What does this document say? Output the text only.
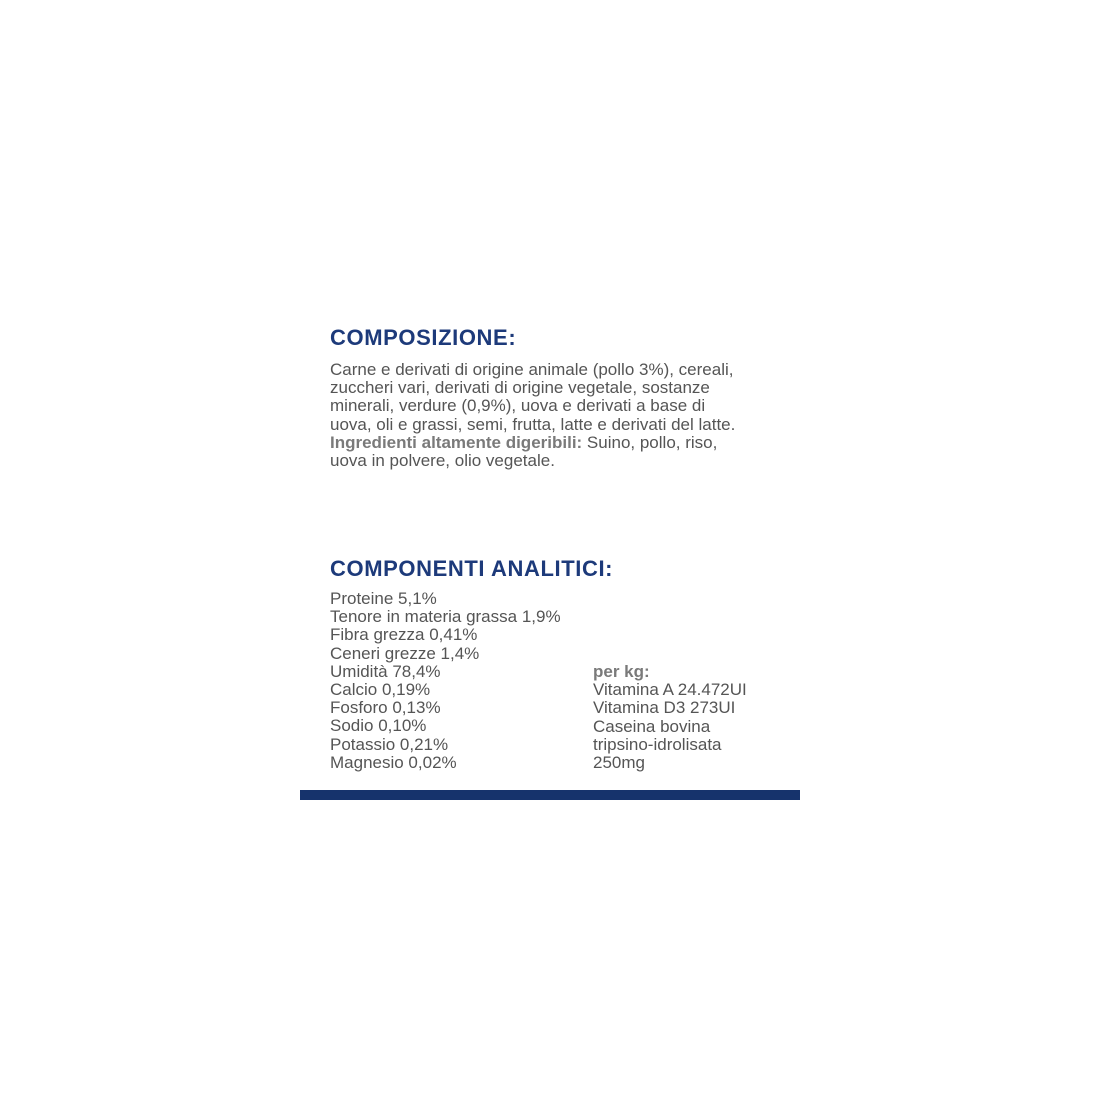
COMPOSIZIONE:
Carne e derivati di origine animale (pollo 3%), cereali,
zuccheri vari, derivati di origine vegetale, sostanze
minerali, verdure (0,9%), uova e derivati a base di
uova, oli e grassi, semi, frutta, latte e derivati del latte.
Ingredienti altamente digeribili: Suino, pollo, riso,
uova in polvere, olio vegetale.
COMPONENTI ANALITICI:
Proteine 5,1%
Tenore in materia grassa 1,9%
Fibra grezza 0,41%
Ceneri grezze 1,4%
Umidità 78,4%
Calcio 0,19%
Fosforo 0,13%
Sodio 0,10%
Potassio 0,21%
Magnesio 0,02%
per kg:
Vitamina A 24.472UI
Vitamina D3 273UI
Caseina bovina
tripsino-idrolisata
250mg
